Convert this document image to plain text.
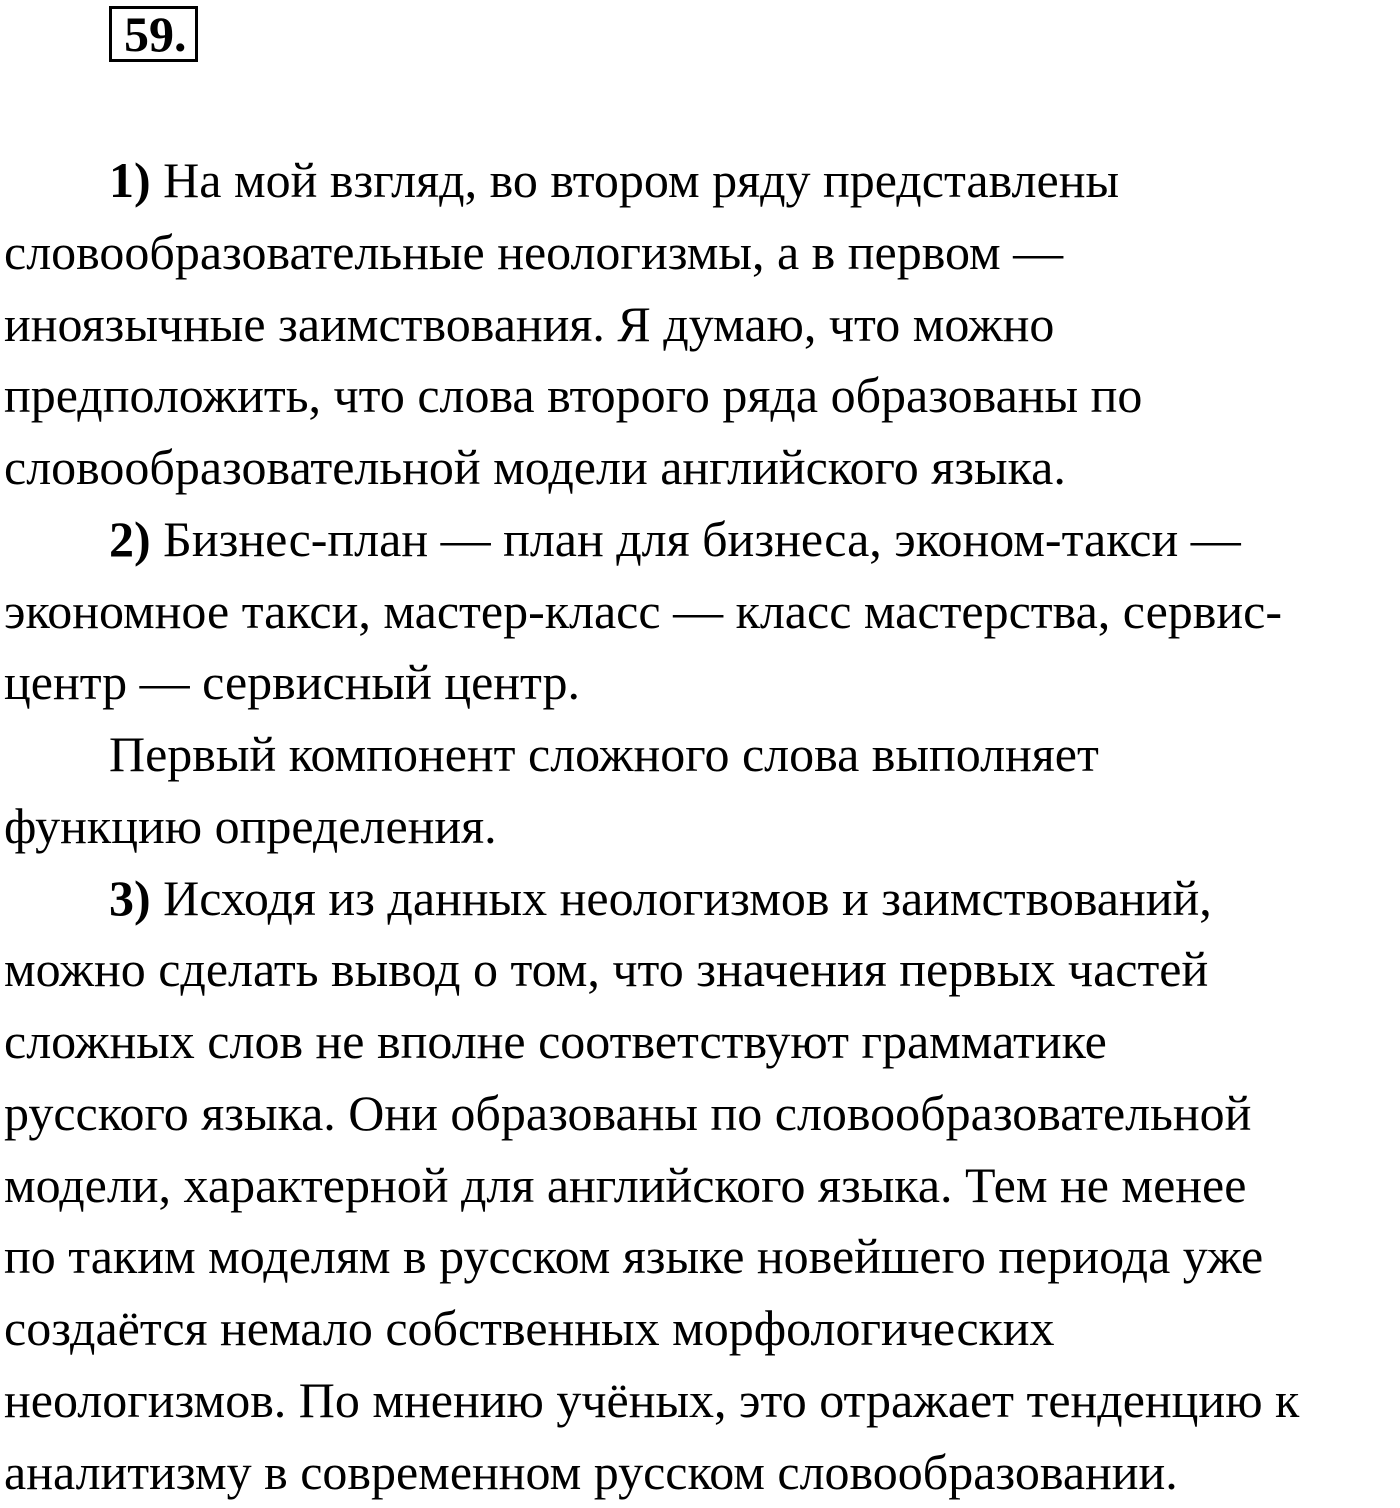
59.
1) На мой взгляд, во втором ряду представлены
словообразовательные неологизмы, а в первом —
иноязычные заимствования. Я думаю, что можно
предположить, что слова второго ряда образованы по
словообразовательной модели английского языка.
2) Бизнес-план — план для бизнеса, эконом-такси —
экономное такси, мастер-класс — класс мастерства, сервис-
центр — сервисный центр.
Первый компонент сложного слова выполняет
функцию определения.
3) Исходя из данных неологизмов и заимствований,
можно сделать вывод о том, что значения первых частей
сложных слов не вполне соответствуют грамматике
русского языка. Они образованы по словообразовательной
модели, характерной для английского языка. Тем не менее
по таким моделям в русском языке новейшего периода уже
создаётся немало собственных морфологических
неологизмов. По мнению учёных, это отражает тенденцию к
аналитизму в современном русском словообразовании.
